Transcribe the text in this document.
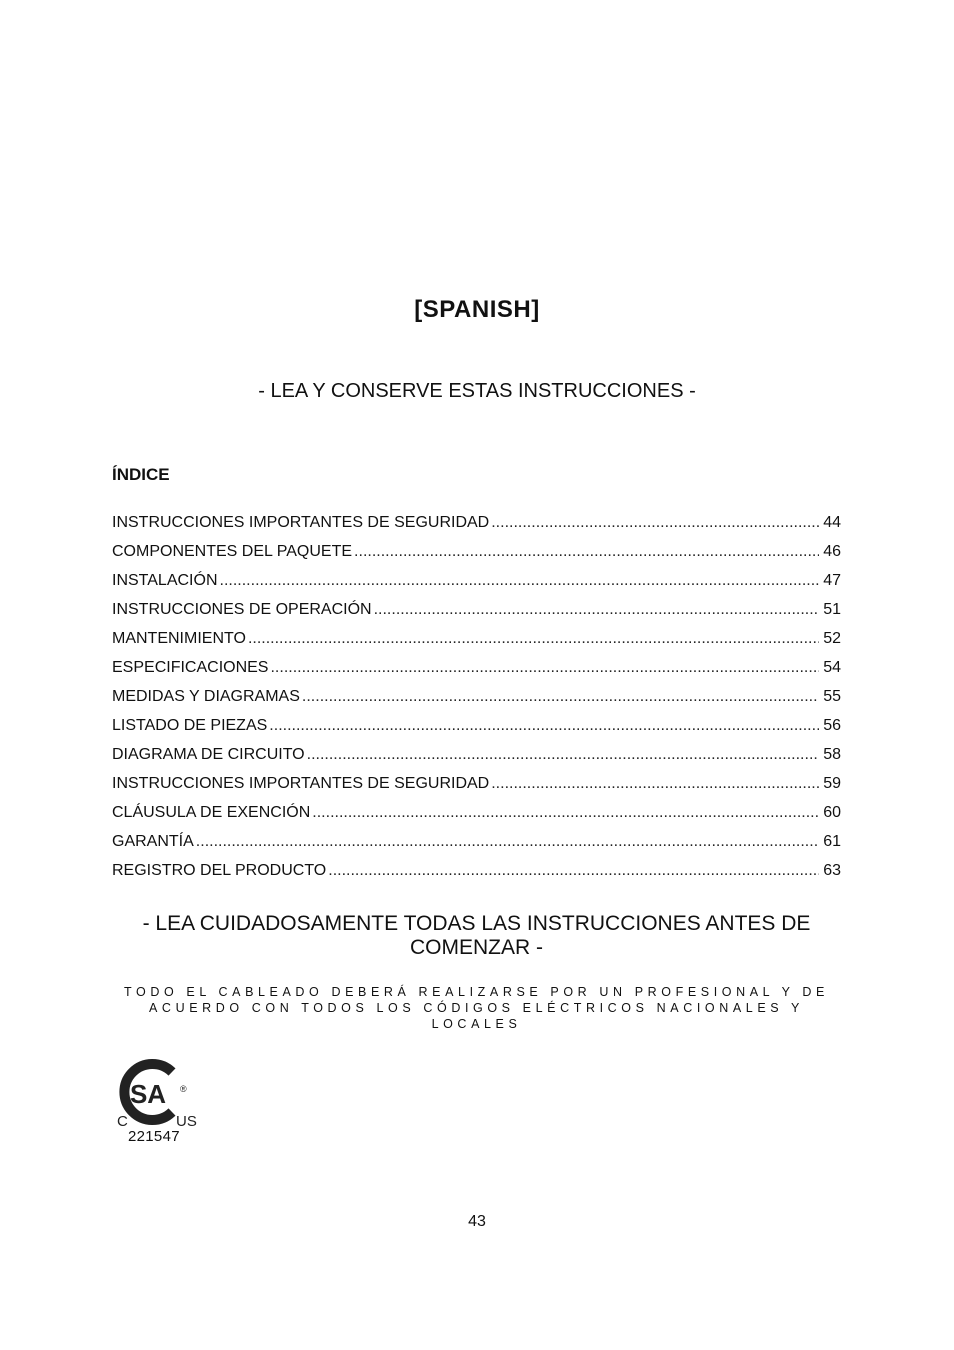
[SPANISH]
- LEA Y CONSERVE ESTAS INSTRUCCIONES -
ÍNDICE
INSTRUCCIONES IMPORTANTES DE SEGURIDAD .....	44
COMPONENTES DEL PAQUETE .....	46
INSTALACIÓN .....	47
INSTRUCCIONES DE OPERACIÓN .....	51
MANTENIMIENTO .....	52
ESPECIFICACIONES .....	54
MEDIDAS Y DIAGRAMAS .....	55
LISTADO DE PIEZAS .....	56
DIAGRAMA DE CIRCUITO .....	58
INSTRUCCIONES IMPORTANTES DE SEGURIDAD .....	59
CLÁUSULA DE EXENCIÓN .....	60
GARANTÍA .....	61
REGISTRO DEL PRODUCTO .....	63
- LEA CUIDADOSAMENTE TODAS LAS INSTRUCCIONES ANTES DE COMENZAR -
TODO EL CABLEADO DEBERÁ REALIZARSE POR UN PROFESIONAL Y DE ACUERDO CON TODOS LOS CÓDIGOS ELÉCTRICOS NACIONALES Y LOCALES
SA ®
C	US
221547
43
